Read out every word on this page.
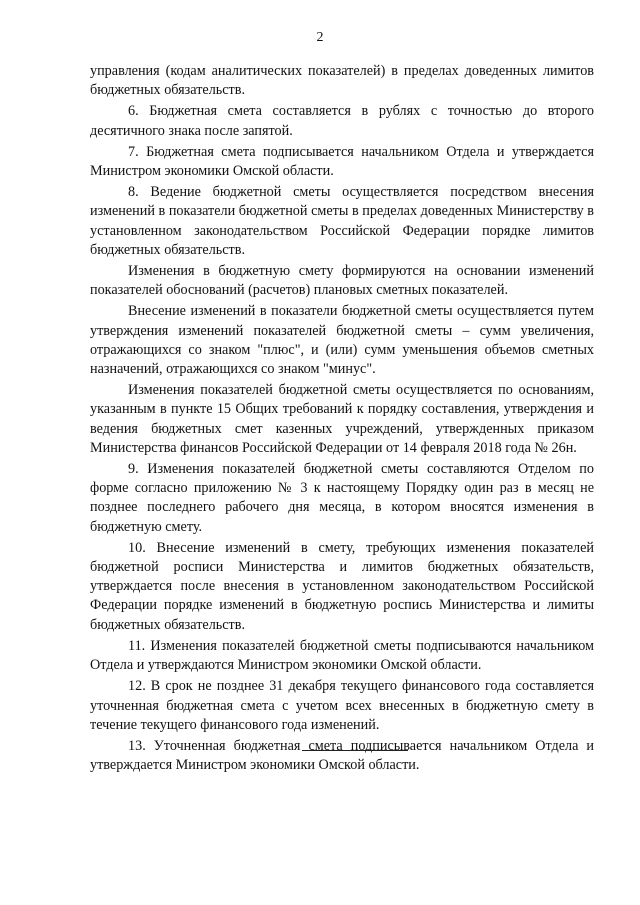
2

управления (кодам аналитических показателей) в пределах доведенных лимитов бюджетных обязательств.

6. Бюджетная смета составляется в рублях с точностью до второго десятичного знака после запятой.

7. Бюджетная смета подписывается начальником Отдела и утверждается Министром экономики Омской области.

8. Ведение бюджетной сметы осуществляется посредством внесения изменений в показатели бюджетной сметы в пределах доведенных Министерству в установленном законодательством Российской Федерации порядке лимитов бюджетных обязательств.

Изменения в бюджетную смету формируются на основании изменений показателей обоснований (расчетов) плановых сметных показателей.

Внесение изменений в показатели бюджетной сметы осуществляется путем утверждения изменений показателей бюджетной сметы – сумм увеличения, отражающихся со знаком "плюс", и (или) сумм уменьшения объемов сметных назначений, отражающихся со знаком "минус".

Изменения показателей бюджетной сметы осуществляется по основаниям, указанным в пункте 15 Общих требований к порядку составления, утверждения и ведения бюджетных смет казенных учреждений, утвержденных приказом Министерства финансов Российской Федерации от 14 февраля 2018 года № 26н.

9. Изменения показателей бюджетной сметы составляются Отделом по форме согласно приложению № 3 к настоящему Порядку один раз в месяц не позднее последнего рабочего дня месяца, в котором вносятся изменения в бюджетную смету.

10. Внесение изменений в смету, требующих изменения показателей бюджетной росписи Министерства и лимитов бюджетных обязательств, утверждается после внесения в установленном законодательством Российской Федерации порядке изменений в бюджетную роспись Министерства и лимиты бюджетных обязательств.

11. Изменения показателей бюджетной сметы подписываются начальником Отдела и утверждаются Министром экономики Омской области.

12. В срок не позднее 31 декабря текущего финансового года составляется уточненная бюджетная смета с учетом всех внесенных в бюджетную смету в течение текущего финансового года изменений.

13. Уточненная бюджетная смета подписывается начальником Отдела и утверждается Министром экономики Омской области.
